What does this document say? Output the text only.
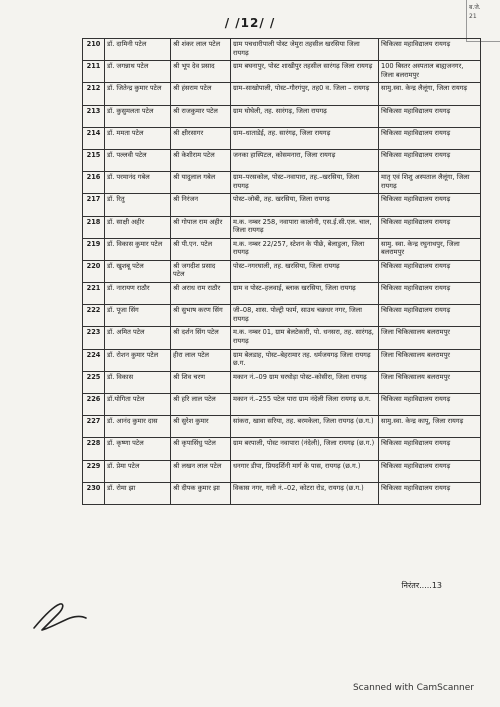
/ /12/ /
ब.जे.
21
210	डॉ. दामिनी पटेल	श्री शंकर लाल पटेल	ग्राम पचधारीपाली पोस्ट जेमुरा तहसील खरसिया जिला रायगढ़	चिकित्सा महाविद्यालय रायगढ़
211	डॉ. जगन्नाथ पटेल	श्री भूप देव प्रसाद	ग्राम बघनापुर, पोस्ट शाखीपुर तहसील सारंगढ़ जिला रायगढ़	100 बिस्तर अस्पताल बाह्यजनगर, जिला बलरामपुर
212	डॉ. जितेन्द्र कुमार पटेल	श्री हंसराम पटेल	ग्राम–साखोपाली, पोस्ट–गौरगंपुर, तह0 व. जिला – रायगढ़	सामु.स्वा. केन्द्र लैलूंगा, जिला रायगढ़
213	डॉ. कुसुमलता पटेल	श्री राजकुमार पटेल	ग्राम घोघेली, तह. सारंगढ़, जिला रायगढ़	चिकित्सा महाविद्यालय रायगढ़
214	डॉ. ममता पटेल	श्री क्षीरसागर	ग्राम–धाताडेई, तह. सारंगढ़, जिला रायगढ़	चिकित्सा महाविद्यालय रायगढ़
215	डॉ. पल्लवी पटेल	श्री केशीराम पटेल	जनका हास्पिटल, कोसमनारा, जिला रायगढ़	चिकित्सा महाविद्यालय रायगढ़
216	डॉ. परमानंद गबेल	श्री यादुलाल गबेल	ग्राम–परसकोल, पोस्ट–नवापारा, तह.–खरसिया, जिला रायगढ़	मातृ एवं शिशु अस्पताल लैलूंगा, जिला रायगढ़
217	डॉ. रितु	श्री निरंजन	पोस्ट–जोबी, तह. खरसिया, जिला रायगढ़	चिकित्सा महाविद्यालय रायगढ़
218	डॉ. साक्षी अहीर	श्री गोपाल राम अहीर	म.क. नम्बर 258, नवापारा कालोनी, एस.ई.सी.एल. चाल, जिला रायगढ़	चिकित्सा महाविद्यालय रायगढ़
219	डॉ. विकास कुमार पटेल	श्री पी.एन. पटेल	म.क. नम्बर 22/257, स्टेशन के पीछे, बेलाडुला, जिला रायगढ़	सामु. स्वा. केन्द्र रघुनाथपुर, जिला बलरामपुर
220	डॉ. खुशबू पटेल	श्री जगदीश प्रसाद पटेल	पोस्ट–नगरघाली, तह. खरसिया, जिला रायगढ़	चिकित्सा महाविद्यालय रायगढ़
221	डॉ. नारायण राठौर	श्री अराध राम राठौर	ग्राम व पोस्ट–हलवाई, ब्लाक खरसिया, जिला रायगढ़	चिकित्सा महाविद्यालय रायगढ़
222	डॉ. पूजा सिंग	श्री सुभाष करण सिंग	जी–08, शास. पोल्ट्री फार्म, साउथ चक्रधर नगर, जिला रायगढ़	चिकित्सा महाविद्यालय रायगढ़
223	डॉ. अमित पटेल	श्री दर्शन सिंग पटेल	म.क. नम्बर 01, ग्राम बेलटेकारी, पो. धनसरा, तह. सारंगढ़, रायगढ़	जिला चिकित्सालय बलरामपुर
224	डॉ. रोशन कुमार पटेल	हीरा लाल पटेल	ग्राम बेलडाह, पोस्ट–बेहरामार तह. धर्मजयगढ़ जिला रायगढ़ छ.ग.	जिला चिकित्सालय बलरामपुर
225	डॉ. विकास	श्री शिव चरण	मकान नं.–09 ग्राम घरघोड़ा पोस्ट–कोसीरा, जिला रायगढ़	जिला चिकित्सालय बलरामपुर
226	डॉ.योगिता पटेल	श्री हरि लाल पटेल	मकान नं.–255 पटेल पारा ग्राम नंदेली जिला रायगढ़ छ.ग.	चिकित्सा महाविद्यालय रायगढ़
227	डॉ. आनंद कुमार दास	श्री सुरेश कुमार	सांकरा, खावा सरिया, तह. बरमकेला, जिला रायगढ़ (छ.ग.)	सामु.स्वा. केन्द्र कापू, जिला रायगढ़
228	डॉ. कृष्णा पटेल	श्री कृपासिंधु पटेल	ग्राम बरपाली, पोस्ट नवापारा (नंदेली), जिला रायगढ़ (छ.ग.)	चिकित्सा महाविद्यालय रायगढ़
229	डॉ. प्रेमा पटेल	श्री लखन लाल पटेल	धनगार डीपा, प्रियदर्शिनी मार्ग के पास, रायगढ़ (छ.ग.)	चिकित्सा महाविद्यालय रायगढ़
230	डॉ. रोमा झा	श्री दीपक कुमार झा	विकास नगर, गली नं.–02, कोटरा रोड, रायगढ़ (छ.ग.)	चिकित्सा महाविद्यालय रायगढ़
निरंतर.....13
Scanned with CamScanner
